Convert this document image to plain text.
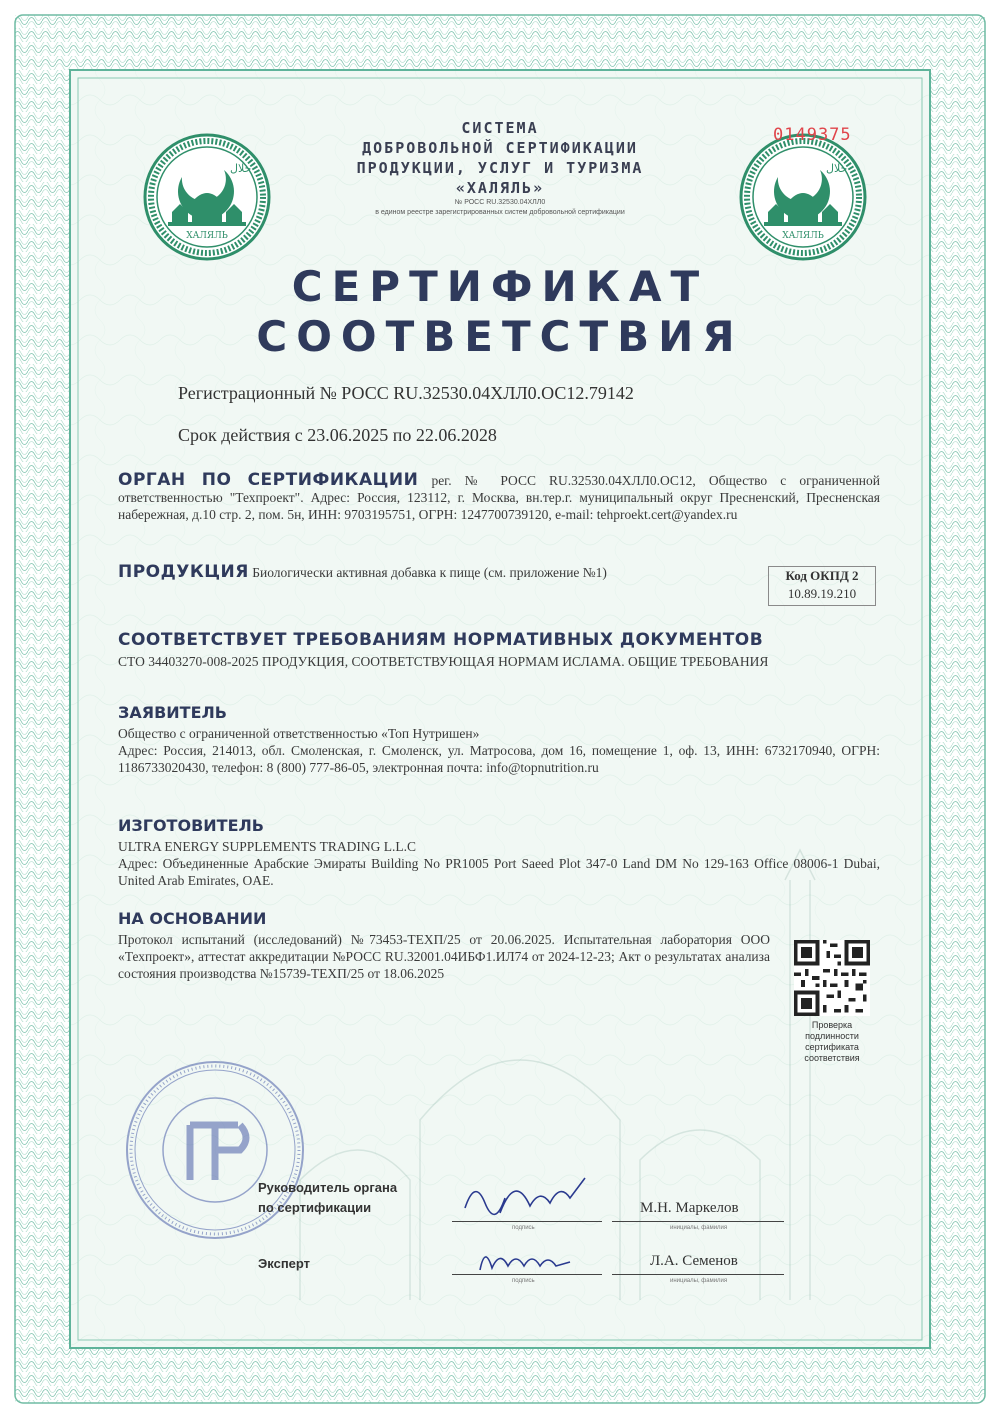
حلال
ХАЛЯЛЬ
حلال
ХАЛЯЛЬ
СИСТЕМА
ДОБРОВОЛЬНОЙ СЕРТИФИКАЦИИ
ПРОДУКЦИИ, УСЛУГ И ТУРИЗМА
«ХАЛЯЛЬ»
№ РОСС RU.32530.04ХЛЛ0
в едином реестре зарегистрированных систем добровольной сертификации
0149375
СЕРТИФИКАТ
СООТВЕТСТВИЯ
Регистрационный № РОСС RU.32530.04ХЛЛ0.ОС12.79142
Срок действия с 23.06.2025 по 22.06.2028
ОРГАН ПО СЕРТИФИКАЦИИ рег. № РОСС RU.32530.04ХЛЛ0.ОС12, Общество с ограниченной ответственностью "Техпроект". Адрес: Россия, 123112, г. Москва, вн.тер.г. муниципальный округ Пресненский, Пресненская набережная, д.10 стр. 2, пом. 5н, ИНН: 9703195751, ОГРН: 1247700739120, e-mail: tehproekt.cert@yandex.ru
ПРОДУКЦИЯ Биологически активная добавка к пище (см. приложение №1)	Код ОКПД 2
10.89.19.210
СООТВЕТСТВУЕТ ТРЕБОВАНИЯМ НОРМАТИВНЫХ ДОКУМЕНТОВ
СТО 34403270-008-2025 ПРОДУКЦИЯ, СООТВЕТСТВУЮЩАЯ НОРМАМ ИСЛАМА. ОБЩИЕ ТРЕБОВАНИЯ
ЗАЯВИТЕЛЬ
Общество с ограниченной ответственностью «Топ Нутришен»
Адрес: Россия, 214013, обл. Смоленская, г. Смоленск, ул. Матросова, дом 16, помещение 1, оф. 13, ИНН: 6732170940, ОГРН: 1186733020430, телефон: 8 (800) 777-86-05, электронная почта: info@topnutrition.ru
ИЗГОТОВИТЕЛЬ
ULTRA ENERGY SUPPLEMENTS TRADING L.L.C
Адрес: Объединенные Арабские Эмираты Building No PR1005 Port Saeed Plot 347-0 Land DM No 129-163 Office 08006-1 Dubai, United Arab Emirates, OAE.
НА ОСНОВАНИИ
Протокол испытаний (исследований) №73453-ТЕХП/25 от 20.06.2025. Испытательная лаборатория ООО «Техпроект», аттестат аккредитации №РОСС RU.32001.04ИБФ1.ИЛ74 от 2024-12-23; Акт о результатах анализа состояния производства №15739-ТЕХП/25 от 18.06.2025
Проверка подлинности сертификата соответствия
Руководитель органа
по сертификации
подпись
М.Н. Маркелов
инициалы, фамилия
Эксперт
подпись
Л.А. Семенов
инициалы, фамилия
